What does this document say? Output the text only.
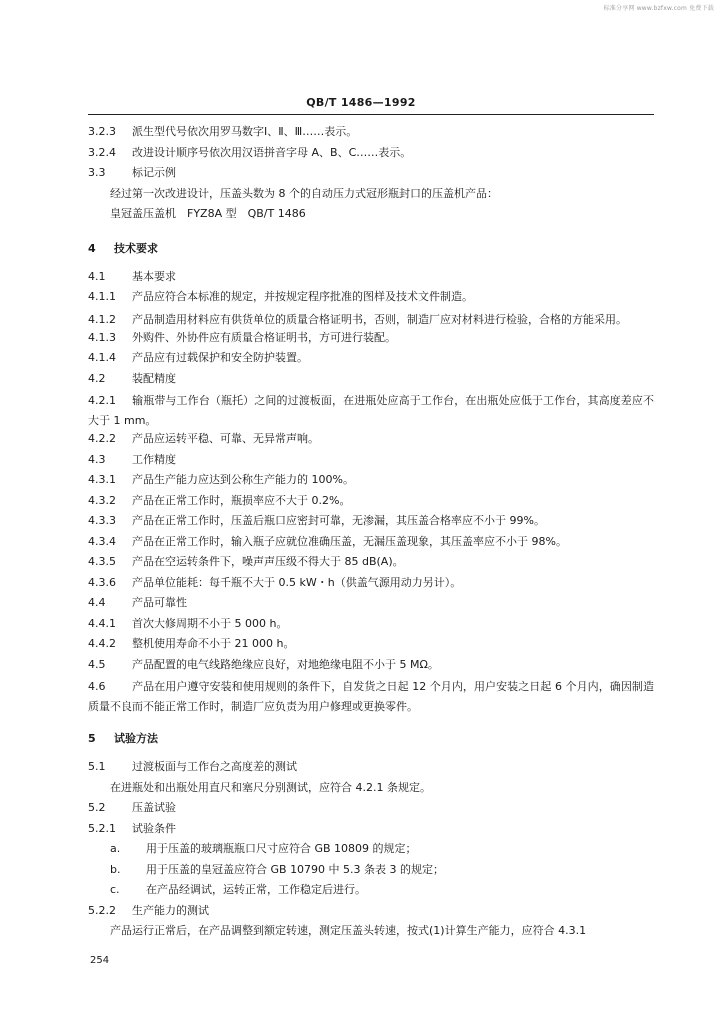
标准分享网 www.bzfxw.com 免费下载
QB/T 1486—1992
3.2.3 派生型代号依次用罗马数字Ⅰ、Ⅱ、Ⅲ……表示。
3.2.4 改进设计顺序号依次用汉语拼音字母 A、B、C……表示。
3.3 标记示例
经过第一次改进设计，压盖头数为 8 个的自动压力式冠形瓶封口的压盖机产品：
皇冠盖压盖机　FYZ8A 型　QB/T 1486
4 技术要求
4.1 基本要求
4.1.1 产品应符合本标准的规定，并按规定程序批准的图样及技术文件制造。
4.1.2 产品制造用材料应有供货单位的质量合格证明书，否则，制造厂应对材料进行检验，合格的方能采用。
4.1.3 外购件、外协件应有质量合格证明书，方可进行装配。
4.1.4 产品应有过载保护和安全防护装置。
4.2 装配精度
4.2.1 输瓶带与工作台（瓶托）之间的过渡板面，在进瓶处应高于工作台，在出瓶处应低于工作台，其高度差应不大于 1 mm。
4.2.2 产品应运转平稳、可靠、无异常声响。
4.3 工作精度
4.3.1 产品生产能力应达到公称生产能力的 100%。
4.3.2 产品在正常工作时，瓶损率应不大于 0.2%。
4.3.3 产品在正常工作时，压盖后瓶口应密封可靠，无渗漏，其压盖合格率应不小于 99%。
4.3.4 产品在正常工作时，输入瓶子应就位准确压盖，无漏压盖现象，其压盖率应不小于 98%。
4.3.5 产品在空运转条件下，噪声声压级不得大于 85 dB(A)。
4.3.6 产品单位能耗：每千瓶不大于 0.5 kW・h（供盖气源用动力另计）。
4.4 产品可靠性
4.4.1 首次大修周期不小于 5 000 h。
4.4.2 整机使用寿命不小于 21 000 h。
4.5 产品配置的电气线路绝缘应良好，对地绝缘电阻不小于 5 MΩ。
4.6 产品在用户遵守安装和使用规则的条件下，自发货之日起 12 个月内，用户安装之日起 6 个月内，确因制造质量不良而不能正常工作时，制造厂应负责为用户修理或更换零件。
5 试验方法
5.1 过渡板面与工作台之高度差的测试
在进瓶处和出瓶处用直尺和塞尺分别测试，应符合 4.2.1 条规定。
5.2 压盖试验
5.2.1 试验条件
a. 用于压盖的玻璃瓶瓶口尺寸应符合 GB 10809 的规定；
b. 用于压盖的皇冠盖应符合 GB 10790 中 5.3 条表 3 的规定；
c. 在产品经调试，运转正常，工作稳定后进行。
5.2.2 生产能力的测试
产品运行正常后，在产品调整到额定转速，测定压盖头转速，按式(1)计算生产能力，应符合 4.3.1
254
